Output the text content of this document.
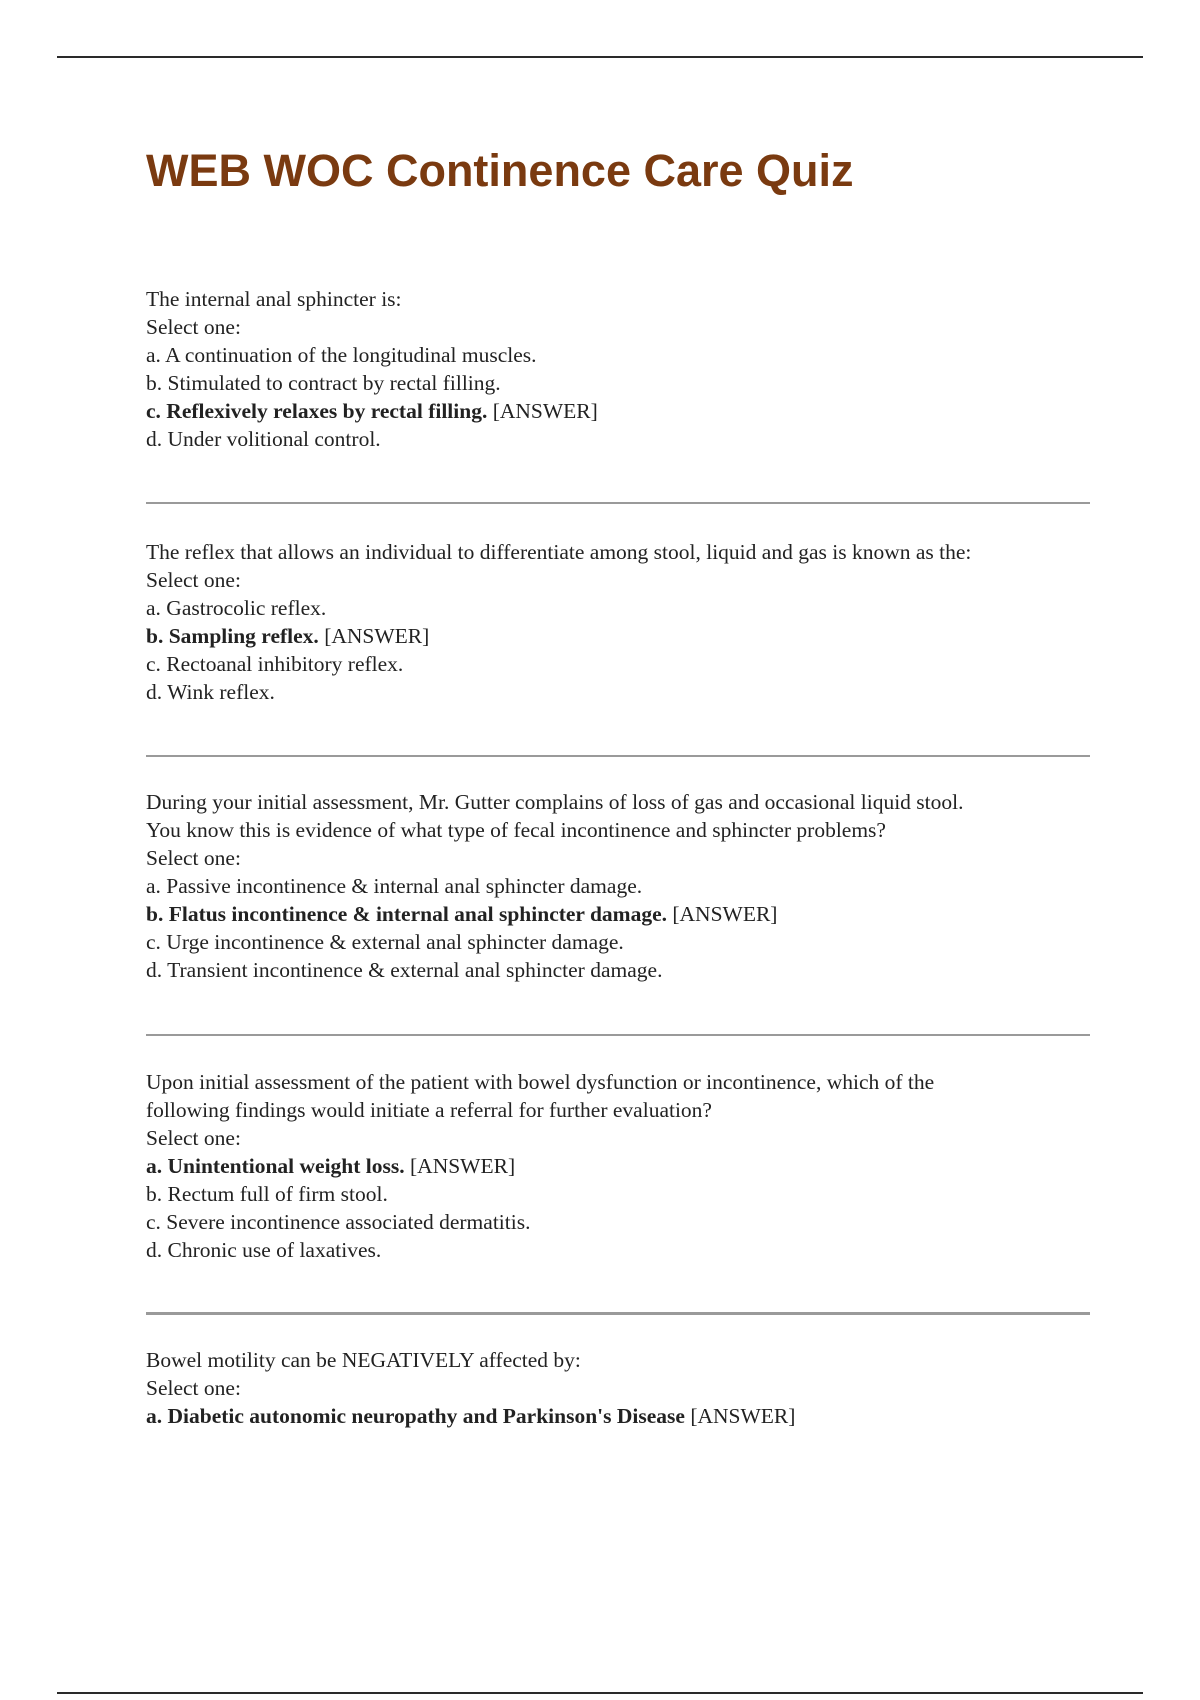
WEB WOC Continence Care Quiz
The internal anal sphincter is:
Select one:
a. A continuation of the longitudinal muscles.
b. Stimulated to contract by rectal filling.
c. Reflexively relaxes by rectal filling. [ANSWER]
d. Under volitional control.
The reflex that allows an individual to differentiate among stool, liquid and gas is known as the:
Select one:
a. Gastrocolic reflex.
b. Sampling reflex. [ANSWER]
c. Rectoanal inhibitory reflex.
d. Wink reflex.
During your initial assessment, Mr. Gutter complains of loss of gas and occasional liquid stool.
You know this is evidence of what type of fecal incontinence and sphincter problems?
Select one:
a. Passive incontinence & internal anal sphincter damage.
b. Flatus incontinence & internal anal sphincter damage. [ANSWER]
c. Urge incontinence & external anal sphincter damage.
d. Transient incontinence & external anal sphincter damage.
Upon initial assessment of the patient with bowel dysfunction or incontinence, which of the
following findings would initiate a referral for further evaluation?
Select one:
a. Unintentional weight loss. [ANSWER]
b. Rectum full of firm stool.
c. Severe incontinence associated dermatitis.
d. Chronic use of laxatives.
Bowel motility can be NEGATIVELY affected by:
Select one:
a. Diabetic autonomic neuropathy and Parkinson's Disease [ANSWER]
